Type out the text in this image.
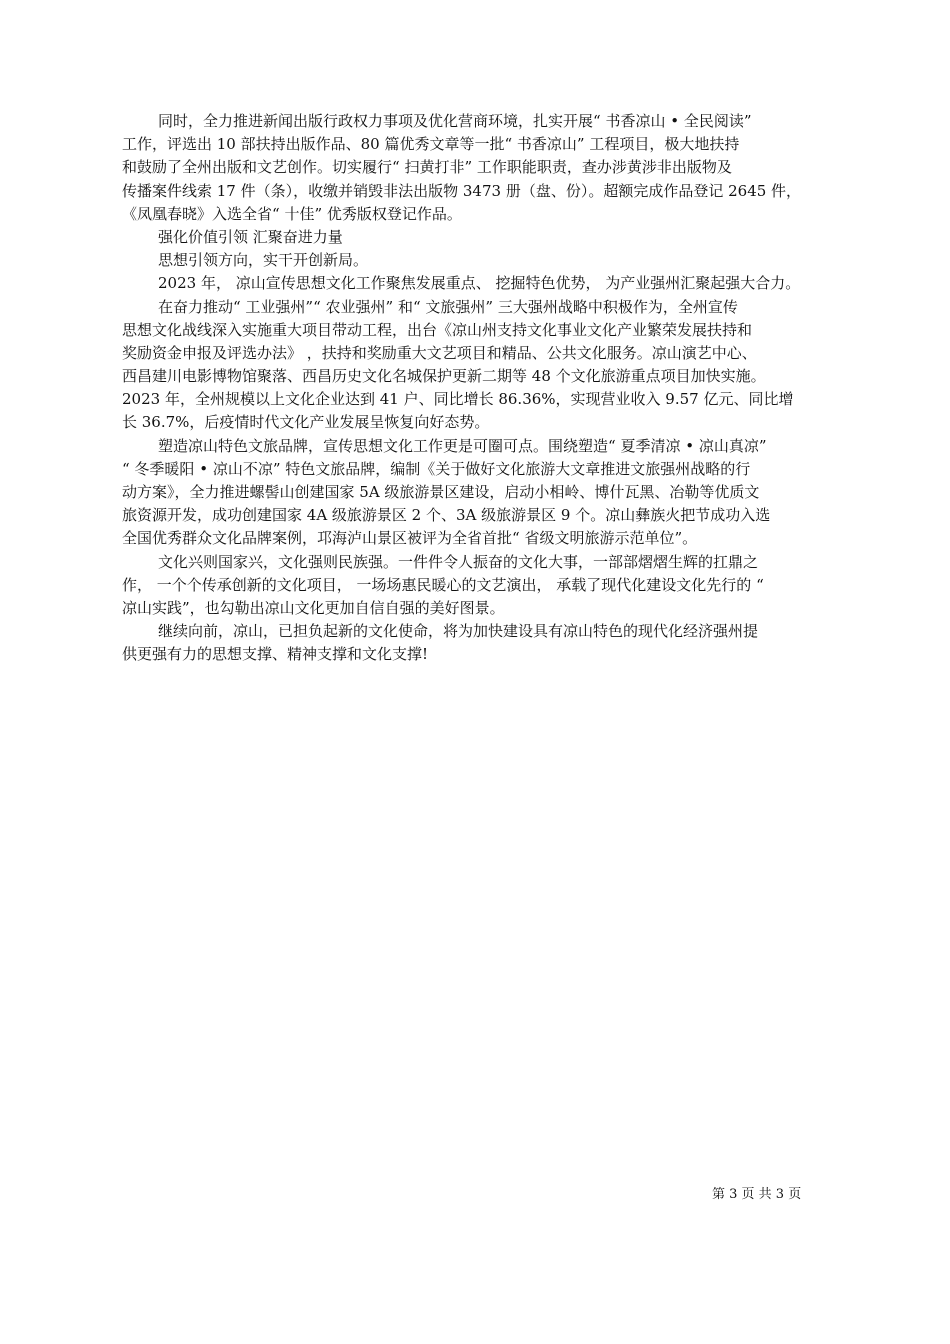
同时，全力推进新闻出版行政权力事项及优化营商环境，扎实开展“ 书香凉山 • 全民阅读”
工作，评选出 10 部扶持出版作品、80 篇优秀文章等一批“ 书香凉山” 工程项目，极大地扶持
和鼓励了全州出版和文艺创作。切实履行“ 扫黄打非” 工作职能职责，查办涉黄涉非出版物及
传播案件线索 17 件（条），收缴并销毁非法出版物 3473 册（盘、份）。超额完成作品登记 2645 件，
《凤凰春晓》入选全省“ 十佳” 优秀版权登记作品。
强化价值引领 汇聚奋进力量
思想引领方向，实干开创新局。
2023 年， 凉山宣传思想文化工作聚焦发展重点、 挖掘特色优势， 为产业强州汇聚起强大合力。
在奋力推动“ 工业强州”“ 农业强州” 和“ 文旅强州” 三大强州战略中积极作为，全州宣传
思想文化战线深入实施重大项目带动工程，出台《凉山州支持文化事业文化产业繁荣发展扶持和
奖励资金申报及评选办法》 ，扶持和奖励重大文艺项目和精品、公共文化服务。凉山演艺中心、
西昌建川电影博物馆聚落、西昌历史文化名城保护更新二期等 48 个文化旅游重点项目加快实施。
2023 年，全州规模以上文化企业达到 41 户、同比增长 86.36%，实现营业收入 9.57 亿元、同比增
长 36.7%，后疫情时代文化产业发展呈恢复向好态势。
塑造凉山特色文旅品牌，宣传思想文化工作更是可圈可点。围绕塑造“ 夏季清凉 • 凉山真凉”
“ 冬季暖阳 • 凉山不凉” 特色文旅品牌，编制《关于做好文化旅游大文章推进文旅强州战略的行
动方案》，全力推进螺髻山创建国家 5A 级旅游景区建设，启动小相岭、博什瓦黑、冶勒等优质文
旅资源开发，成功创建国家 4A 级旅游景区 2 个、3A 级旅游景区 9 个。凉山彝族火把节成功入选
全国优秀群众文化品牌案例，邛海泸山景区被评为全省首批“ 省级文明旅游示范单位”。
文化兴则国家兴，文化强则民族强。一件件令人振奋的文化大事，一部部熠熠生辉的扛鼎之
作， 一个个传承创新的文化项目， 一场场惠民暖心的文艺演出， 承载了现代化建设文化先行的 “
凉山实践”，也勾勒出凉山文化更加自信自强的美好图景。
继续向前，凉山，已担负起新的文化使命，将为加快建设具有凉山特色的现代化经济强州提
供更强有力的思想支撑、精神支撑和文化支撑!
第 3 页 共 3 页
